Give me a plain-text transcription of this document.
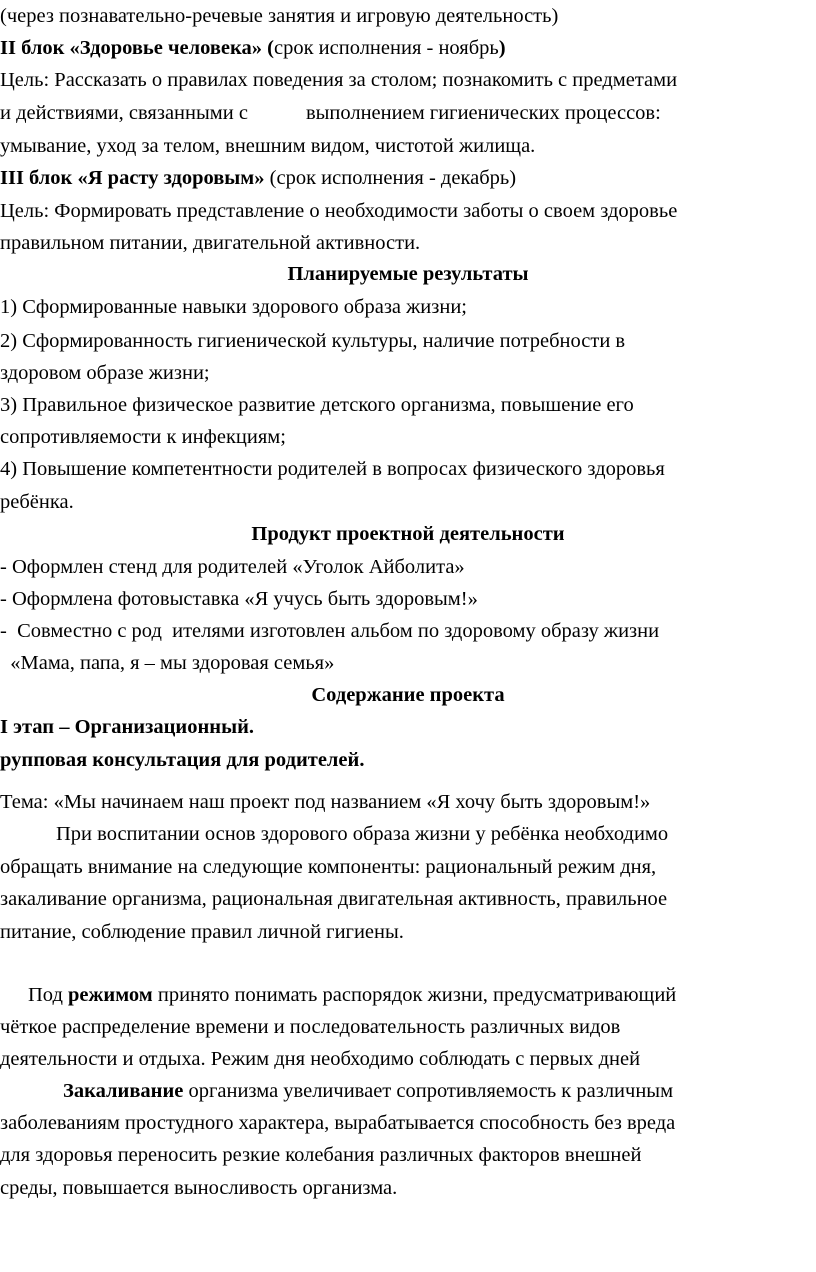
(через познавательно-речевые занятия и игровую деятельность)
II блок «Здоровье человека» (срок исполнения - ноябрь)
Цель: Рассказать о правилах поведения за столом; познакомить с предметами
и действиями, связанными с	выполнением гигиенических процессов:
умывание, уход за телом, внешним видом, чистотой жилища.
III блок «Я расту здоровым» (срок исполнения - декабрь)
Цель: Формировать представление о необходимости заботы о своем здоровье
правильном питании, двигательной активности.
Планируемые результаты
1) Сформированные навыки здорового образа жизни;
2) Сформированность гигиенической культуры, наличие потребности в
здоровом образе жизни;
3) Правильное физическое развитие детского организма, повышение его
сопротивляемости к инфекциям;
4) Повышение компетентности родителей в вопросах физического здоровья
ребёнка.
Продукт проектной деятельности
- Оформлен стенд для родителей «Уголок Айболита»
- Оформлена фотовыставка «Я учусь быть здоровым!»
-  Совместно с род  ителями изготовлен альбом по здоровому образу жизни
«Мама, папа, я – мы здоровая семья»
Содержание проекта
I этап – Организационный.
рупповая консультация для родителей.
Тема: «Мы начинаем наш проект под названием «Я хочу быть здоровым!»
При воспитании основ здорового образа жизни у ребёнка необходимо
обращать внимание на следующие компоненты: рациональный режим дня,
закаливание организма, рациональная двигательная активность, правильное
питание, соблюдение правил личной гигиены.
Под режимом принято понимать распорядок жизни, предусматривающий
чёткое распределение времени и последовательность различных видов
деятельности и отдыха. Режим дня необходимо соблюдать с первых дней
Закаливание организма увеличивает сопротивляемость к различным
заболеваниям простудного характера, вырабатывается способность без вреда
для здоровья переносить резкие колебания различных факторов внешней
среды, повышается выносливость организма.
